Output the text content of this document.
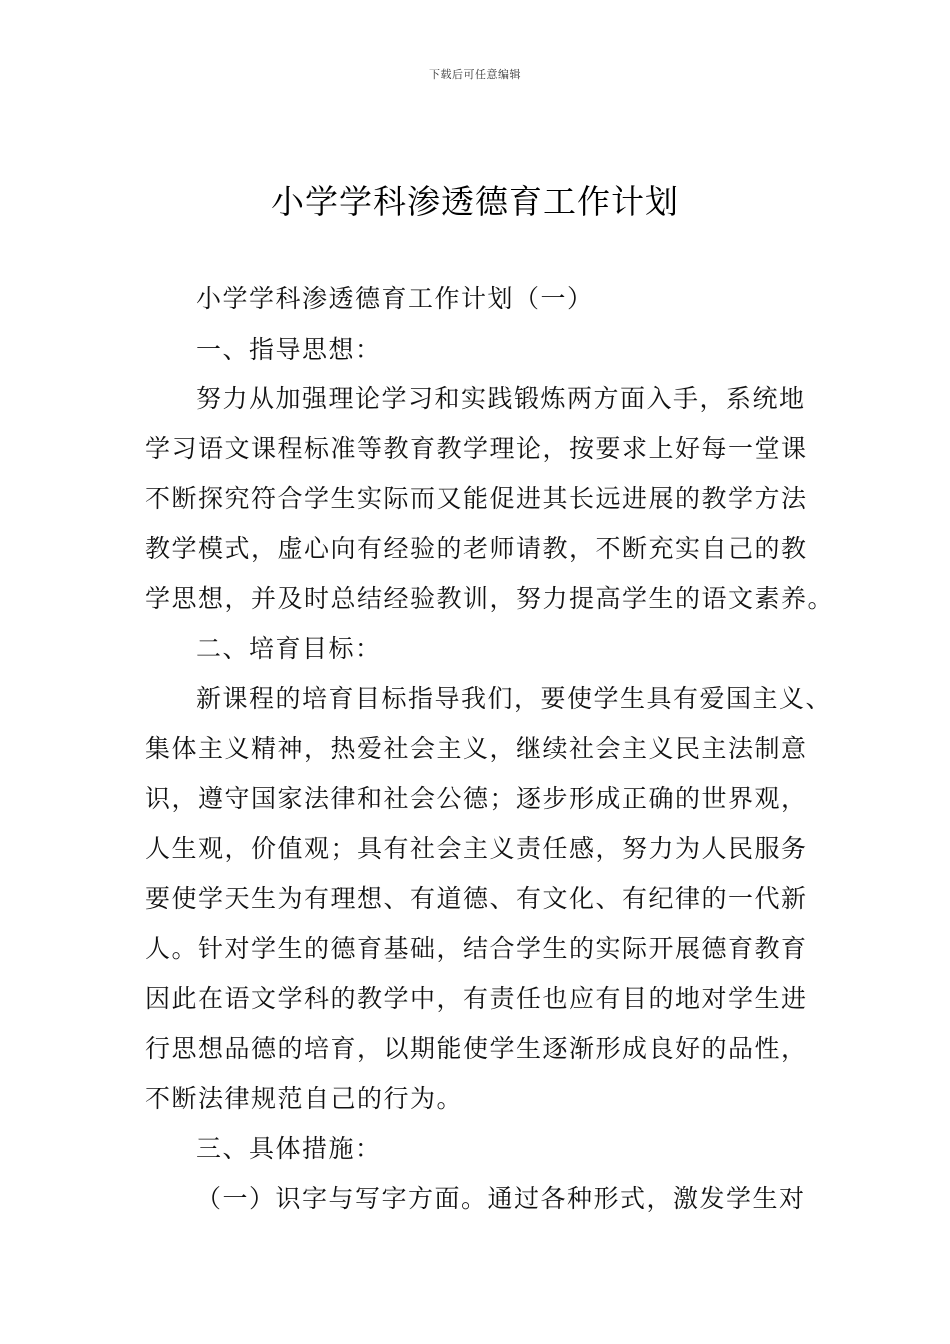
下载后可任意编辑
小学学科渗透德育工作计划
小学学科渗透德育工作计划（一）
一、指导思想：
努力从加强理论学习和实践锻炼两方面入手，系统地
学习语文课程标准等教育教学理论，按要求上好每一堂课
不断探究符合学生实际而又能促进其长远进展的教学方法
教学模式，虚心向有经验的老师请教，不断充实自己的教
学思想，并及时总结经验教训，努力提高学生的语文素养。
二、培育目标：
新课程的培育目标指导我们，要使学生具有爱国主义、
集体主义精神，热爱社会主义，继续社会主义民主法制意
识，遵守国家法律和社会公德；逐步形成正确的世界观，
人生观，价值观；具有社会主义责任感，努力为人民服务
要使学天生为有理想、有道德、有文化、有纪律的一代新
人。针对学生的德育基础，结合学生的实际开展德育教育
因此在语文学科的教学中，有责任也应有目的地对学生进
行思想品德的培育，以期能使学生逐渐形成良好的品性，
不断法律规范自己的行为。
三、具体措施：
（一）识字与写字方面。通过各种形式，激发学生对
